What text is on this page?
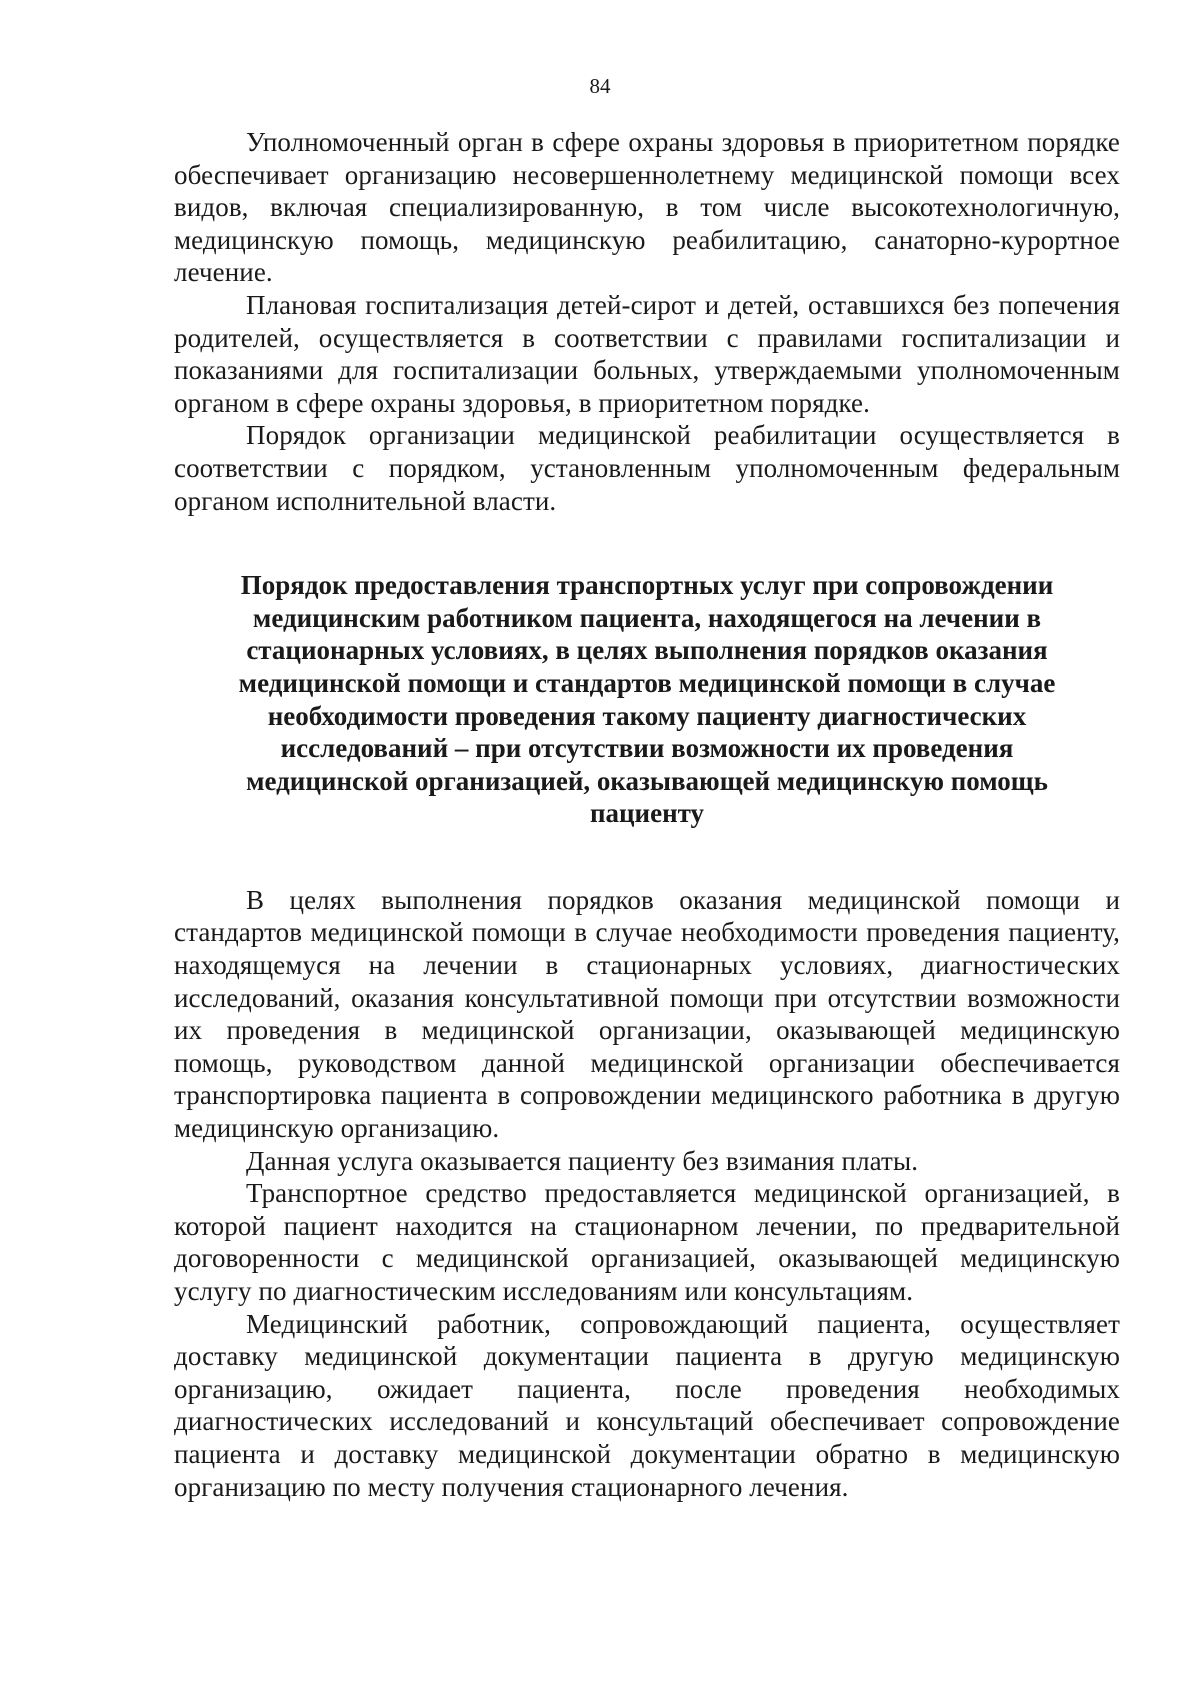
84

Уполномоченный орган в сфере охраны здоровья в приоритетном порядке обеспечивает организацию несовершеннолетнему медицинской помощи всех видов, включая специализированную, в том числе высокотехнологичную, медицинскую помощь, медицинскую реабилитацию, санаторно-курортное лечение.

Плановая госпитализация детей-сирот и детей, оставшихся без попечения родителей, осуществляется в соответствии с правилами госпитализации и показаниями для госпитализации больных, утверждаемыми уполномоченным органом в сфере охраны здоровья, в приоритетном порядке.

Порядок организации медицинской реабилитации осуществляется в соответствии с порядком, установленным уполномоченным федеральным органом исполнительной власти.

Порядок предоставления транспортных услуг при сопровождении медицинским работником пациента, находящегося на лечении в стационарных условиях, в целях выполнения порядков оказания медицинской помощи и стандартов медицинской помощи в случае необходимости проведения такому пациенту диагностических исследований – при отсутствии возможности их проведения медицинской организацией, оказывающей медицинскую помощь пациенту

В целях выполнения порядков оказания медицинской помощи и стандартов медицинской помощи в случае необходимости проведения пациенту, находящемуся на лечении в стационарных условиях, диагностических исследований, оказания консультативной помощи при отсутствии возможности их проведения в медицинской организации, оказывающей медицинскую помощь, руководством данной медицинской организации обеспечивается транспортировка пациента в сопровождении медицинского работника в другую медицинскую организацию.

Данная услуга оказывается пациенту без взимания платы.

Транспортное средство предоставляется медицинской организацией, в которой пациент находится на стационарном лечении, по предварительной договоренности с медицинской организацией, оказывающей медицинскую услугу по диагностическим исследованиям или консультациям.

Медицинский работник, сопровождающий пациента, осуществляет доставку медицинской документации пациента в другую медицинскую организацию, ожидает пациента, после проведения необходимых диагностических исследований и консультаций обеспечивает сопровождение пациента и доставку медицинской документации обратно в медицинскую организацию по месту получения стационарного лечения.
